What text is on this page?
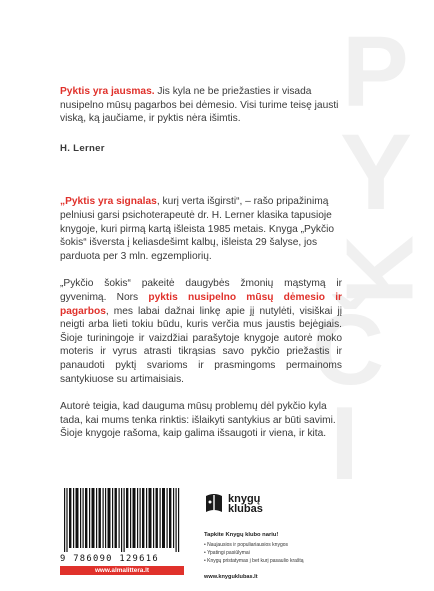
P
Y
K
Č
I

Pyktis yra jausmas. Jis kyla ne be priežasties ir visada nusipelno mūsų pagarbos bei dėmesio. Visi turime teisę jausti viską, ką jaučiame, ir pyktis nėra išimtis.

H. Lerner

„Pyktis yra signalas, kurį verta išgirsti“, – rašo pripažinimą pelniusi garsi psichoterapeutė dr. H. Lerner klasika tapusioje knygoje, kuri pirmą kartą išleista 1985 metais. Knyga „Pykčio šokis“ išversta į keliasdešimt kalbų, išleista 29 šalyse, jos parduota per 3 mln. egzempliorių.

„Pykčio šokis“ pakeitė daugybės žmonių mąstymą ir gyvenimą. Nors pyktis nusipelno mūsų dėmesio ir pagarbos, mes labai dažnai linkę apie jį nutylėti, visiškai jį neigti arba lieti tokiu būdu, kuris verčia mus jaustis bejėgiais. Šioje turiningoje ir vaizdžiai parašytoje knygoje autorė moko moteris ir vyrus atrasti tikrąsias savo pykčio priežastis ir panaudoti pyktį svarioms ir prasmingoms permainoms santykiuose su artimaisiais.

Autorė teigia, kad dauguma mūsų problemų dėl pykčio kyla tada, kai mums tenka rinktis: išlaikyti santykius ar būti savimi. Šioje knygoje rašoma, kaip galima išsaugoti ir viena, ir kita.

9 786090 129616
www.almalittera.lt
knygų
klubas
Tapkite Knygų klubo nariu!
• Naujausios ir populiariausios knygos
• Ypatingi pasiūlymai
• Knygų pristatymas į bet kurį pasaulio kraštą
www.knyguklubas.lt
